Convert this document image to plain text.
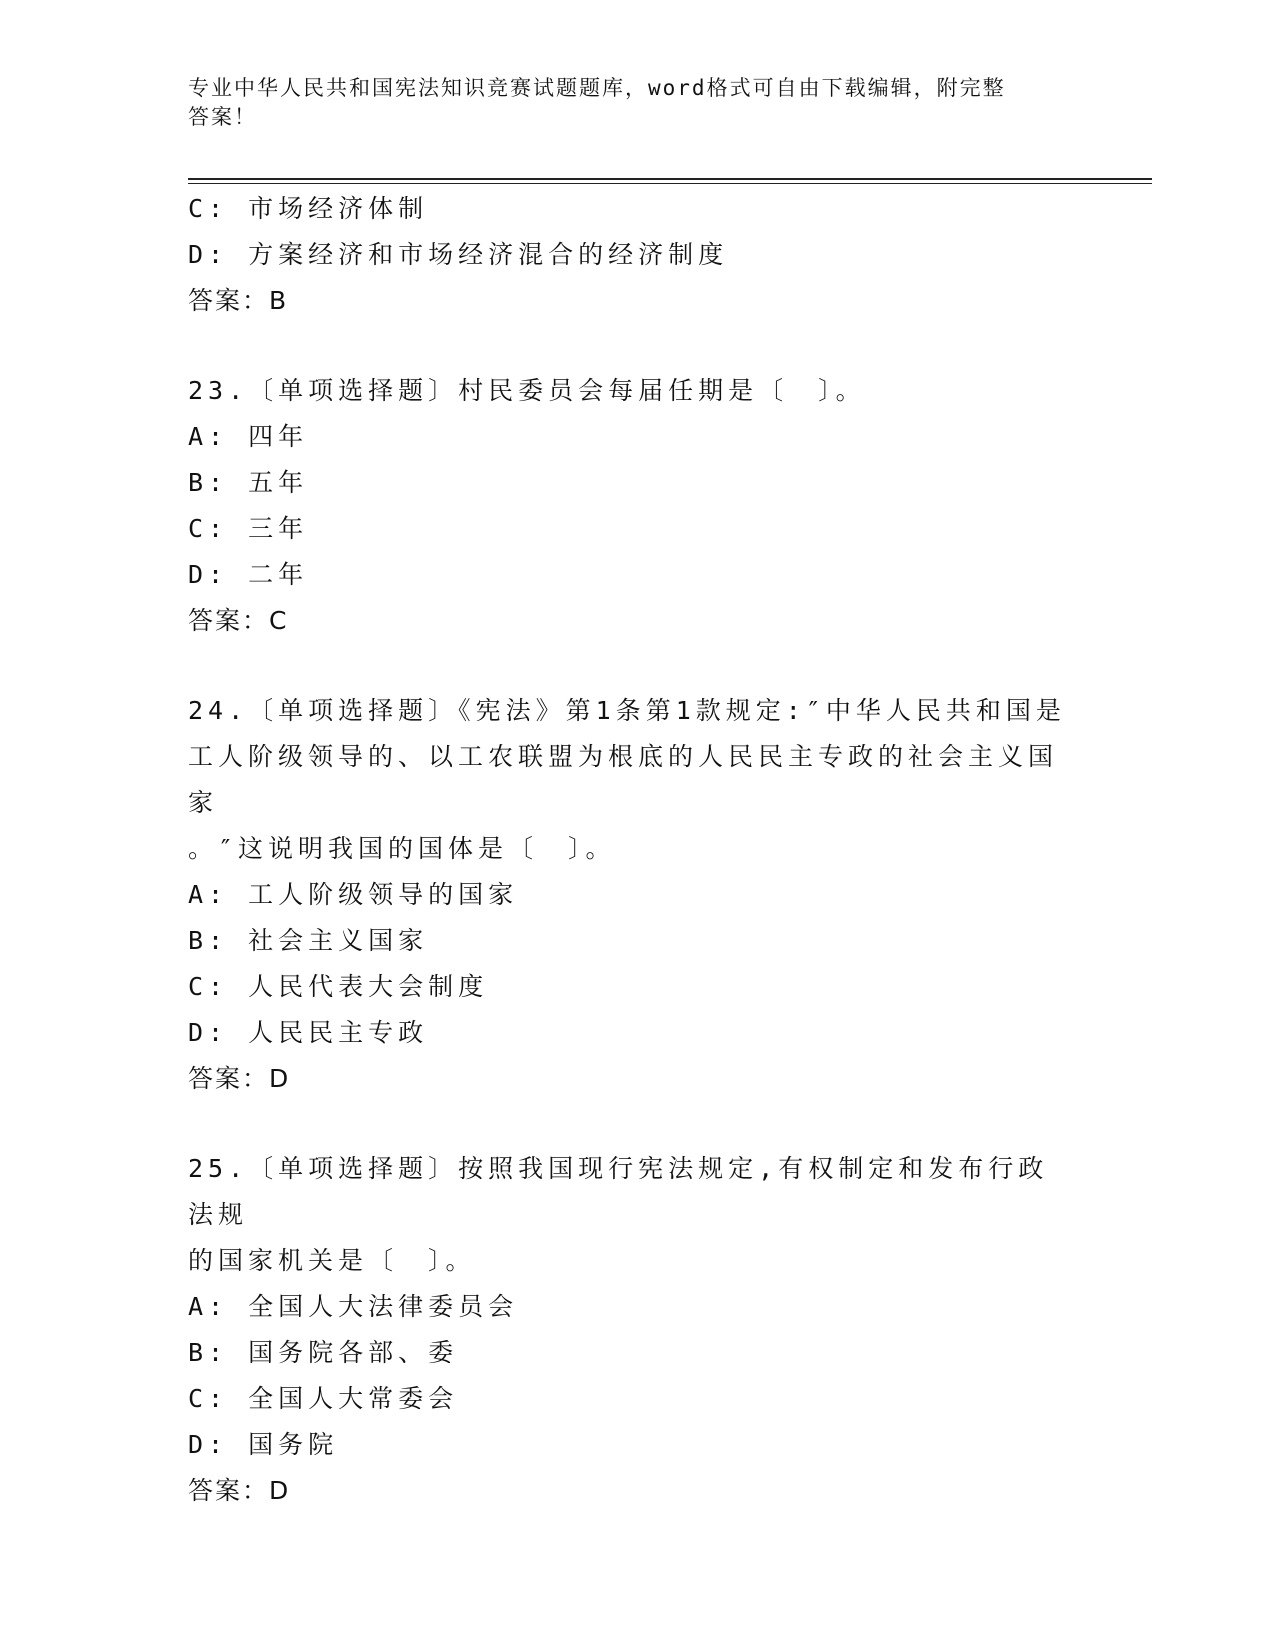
专业中华人民共和国宪法知识竞赛试题题库，word格式可自由下载编辑，附完整
答案！
C: 市场经济体制
D: 方案经济和市场经济混合的经济制度
答案：B
23.〔单项选择题〕村民委员会每届任期是〔　〕。
A: 四年
B: 五年
C: 三年
D: 二年
答案：C
24.〔单项选择题〕《宪法》第1条第1款规定:″中华人民共和国是
工人阶级领导的、以工农联盟为根底的人民民主专政的社会主义国家
。″这说明我国的国体是〔　〕。
A: 工人阶级领导的国家
B: 社会主义国家
C: 人民代表大会制度
D: 人民民主专政
答案：D
25.〔单项选择题〕按照我国现行宪法规定,有权制定和发布行政法规
的国家机关是〔　〕。
A: 全国人大法律委员会
B: 国务院各部、委
C: 全国人大常委会
D: 国务院
答案：D
